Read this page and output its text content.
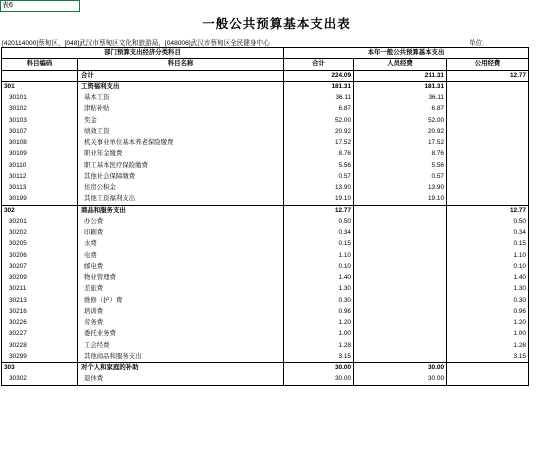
表6
一般公共预算基本支出表
[420114000]蔡甸区，[048]武汉市蔡甸区文化和旅游局，[048006]武汉市蔡甸区全民健身中心	单位:
部门预算支出经济分类科目		本年一般公共预算基本支出		
科目编码	科目名称	合计	人员经费	公用经费
	合计	224.09	211.31	12.77
301	工资福利支出	181.31	181.31	
30101	基本工资	36.11	36.11	
30102	津贴补贴	6.87	6.87	
30103	奖金	52.00	52.00	
30107	绩效工资	20.92	20.92	
30108	机关事业单位基本养老保险缴费	17.52	17.52	
30109	职业年金缴费	8.76	8.76	
30110	职工基本医疗保险缴费	5.56	5.56	
30112	其他社会保障缴费	0.57	0.57	
30113	住房公积金	13.90	13.90	
30199	其他工资福利支出	19.10	19.10	
302	商品和服务支出	12.77		12.77
30201	办公费	0.50		0.50
30202	印刷费	0.34		0.34
30205	水费	0.15		0.15
30206	电费	1.10		1.10
30207	邮电费	0.10		0.10
30209	物业管理费	1.40		1.40
30211	差旅费	1.30		1.30
30213	维修（护）费	0.30		0.30
30216	培训费	0.96		0.96
30226	劳务费	1.20		1.20
30227	委托业务费	1.00		1.00
30228	工会经费	1.28		1.28
30299	其他商品和服务支出	3.15		3.15
303	对个人和家庭的补助	30.00	30.00	
30302	退休费	30.00	30.00	
